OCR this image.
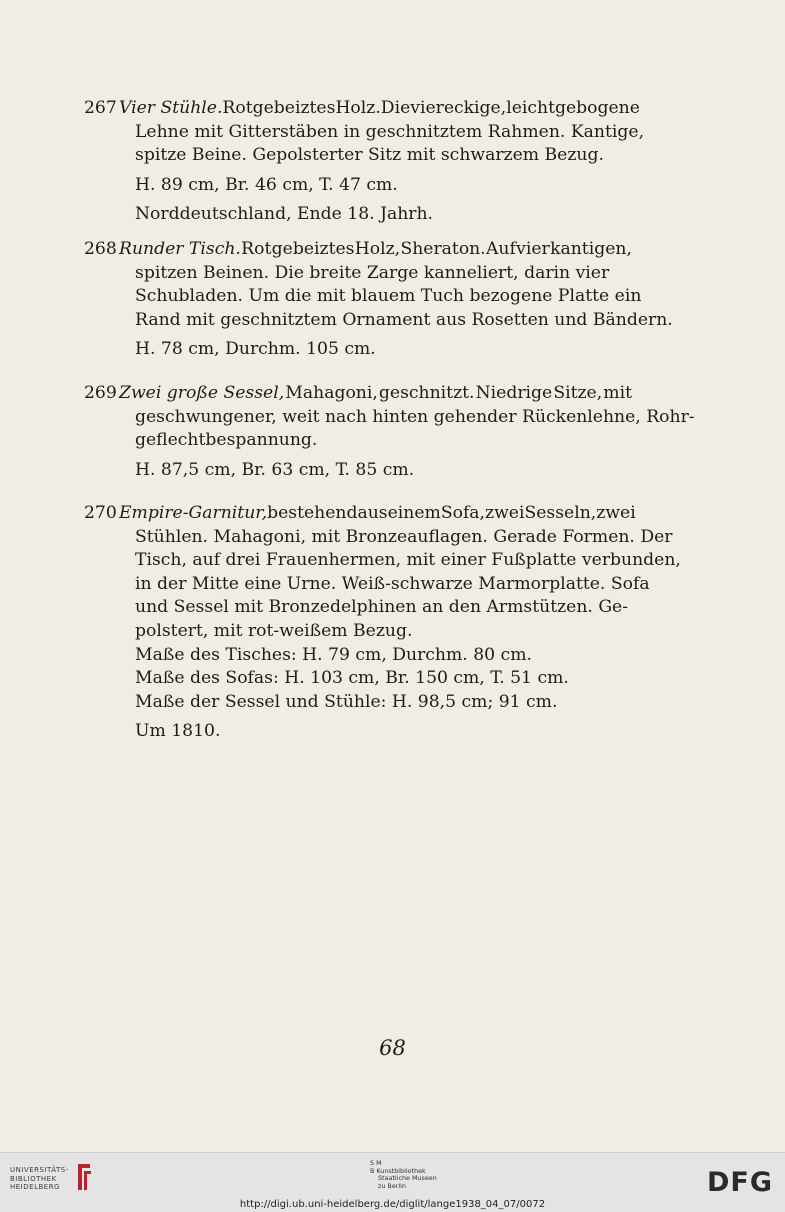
267 Vier Stühle. Rot gebeiztes Holz. Die viereckige, leicht gebogene
Lehne mit Gitterstäben in geschnitztem Rahmen. Kantige,
spitze Beine. Gepolsterter Sitz mit schwarzem Bezug.
H. 89 cm, Br. 46 cm, T. 47 cm.
Norddeutschland, Ende 18. Jahrh.
268 Runder Tisch. Rot gebeiztes Holz, Sheraton. Auf vier kantigen,
spitzen Beinen. Die breite Zarge kanneliert, darin vier
Schubladen. Um die mit blauem Tuch bezogene Platte ein
Rand mit geschnitztem Ornament aus Rosetten und Bändern.
H. 78 cm, Durchm. 105 cm.
269 Zwei große Sessel, Mahagoni, geschnitzt. Niedrige Sitze, mit
geschwungener, weit nach hinten gehender Rückenlehne, Rohr-
geflechtbespannung.
H. 87,5 cm, Br. 63 cm, T. 85 cm.
270 Empire-Garnitur, bestehend aus einem Sofa, zwei Sesseln, zwei
Stühlen. Mahagoni, mit Bronzeauflagen. Gerade Formen. Der
Tisch, auf drei Frauenhermen, mit einer Fußplatte verbunden,
in der Mitte eine Urne. Weiß-schwarze Marmorplatte. Sofa
und Sessel mit Bronzedelphinen an den Armstützen. Ge-
polstert, mit rot-weißem Bezug.
Maße des Tisches: H. 79 cm, Durchm. 80 cm.
Maße des Sofas: H. 103 cm, Br. 150 cm, T. 51 cm.
Maße der Sessel und Stühle: H. 98,5 cm; 91 cm.
Um 1810.
68
UNIVERSITÄTS-
BIBLIOTHEK
HEIDELBERG
S M
B Kunstbibliothek
Staatliche Museen
zu Berlin	DFG
http://digi.ub.uni-heidelberg.de/diglit/lange1938_04_07/0072
